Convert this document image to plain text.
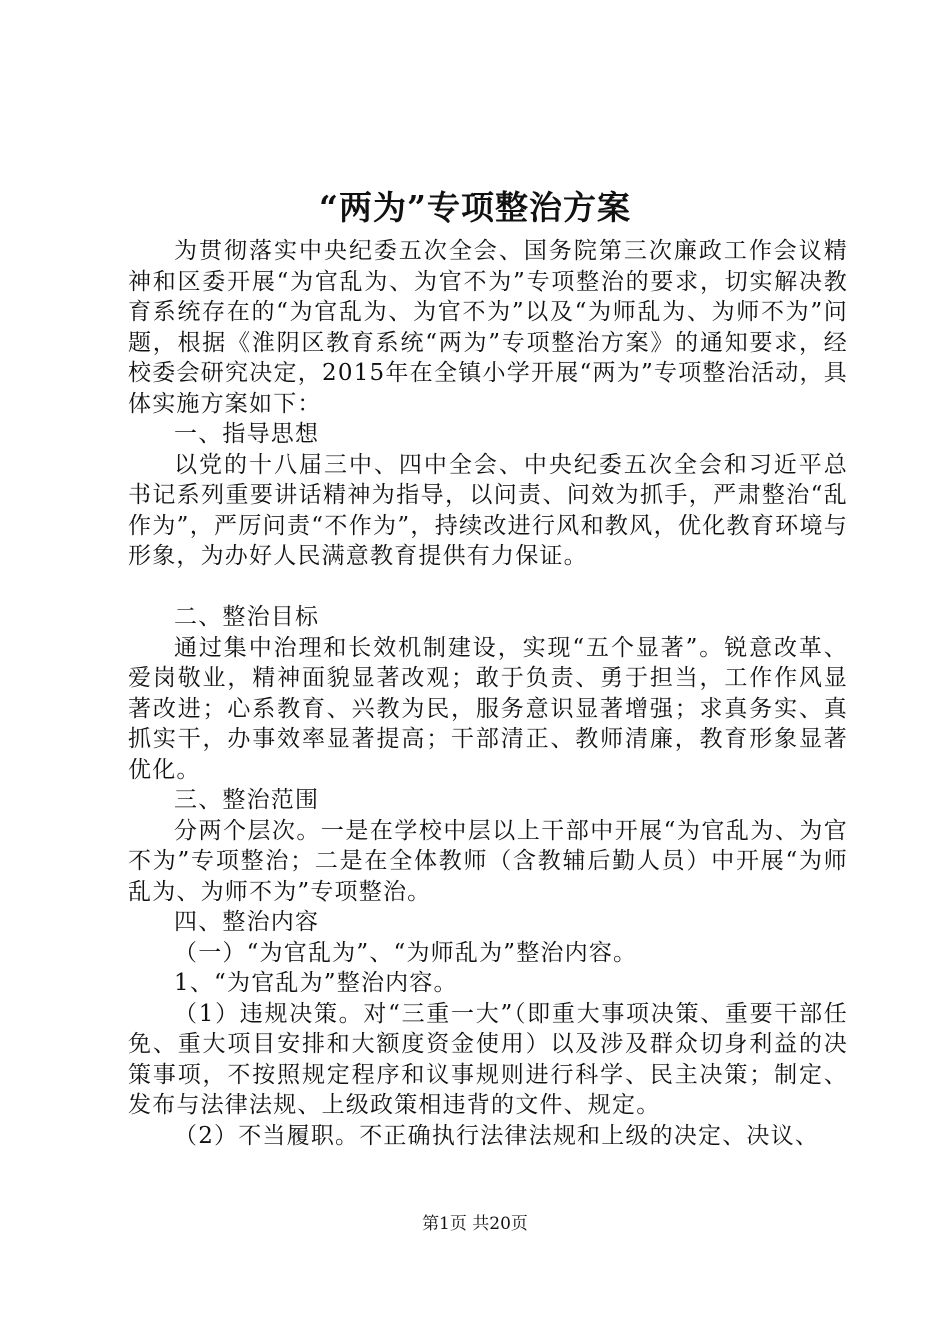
“两为”专项整治方案

为贯彻落实中央纪委五次全会、国务院第三次廉政工作会议精神和区委开展“为官乱为、为官不为”专项整治的要求，切实解决教育系统存在的“为官乱为、为官不为”以及“为师乱为、为师不为”问题，根据《淮阴区教育系统“两为”专项整治方案》的通知要求，经校委会研究决定，2015年在全镇小学开展“两为”专项整治活动，具体实施方案如下：

一、指导思想

以党的十八届三中、四中全会、中央纪委五次全会和习近平总书记系列重要讲话精神为指导，以问责、问效为抓手，严肃整治“乱作为”，严厉问责“不作为”，持续改进行风和教风，优化教育环境与形象，为办好人民满意教育提供有力保证。

二、整治目标

通过集中治理和长效机制建设，实现“五个显著”。锐意改革、爱岗敬业，精神面貌显著改观；敢于负责、勇于担当，工作作风显著改进；心系教育、兴教为民，服务意识显著增强；求真务实、真抓实干，办事效率显著提高；干部清正、教师清廉，教育形象显著优化。

三、整治范围

分两个层次。一是在学校中层以上干部中开展“为官乱为、为官不为”专项整治；二是在全体教师（含教辅后勤人员）中开展“为师乱为、为师不为”专项整治。

四、整治内容

（一）“为官乱为”、“为师乱为”整治内容。

1、“为官乱为”整治内容。

（1）违规决策。对“三重一大”（即重大事项决策、重要干部任免、重大项目安排和大额度资金使用）以及涉及群众切身利益的决策事项，不按照规定程序和议事规则进行科学、民主决策；制定、发布与法律法规、上级政策相违背的文件、规定。

（2）不当履职。不正确执行法律法规和上级的决定、决议、

第1页 共20页
